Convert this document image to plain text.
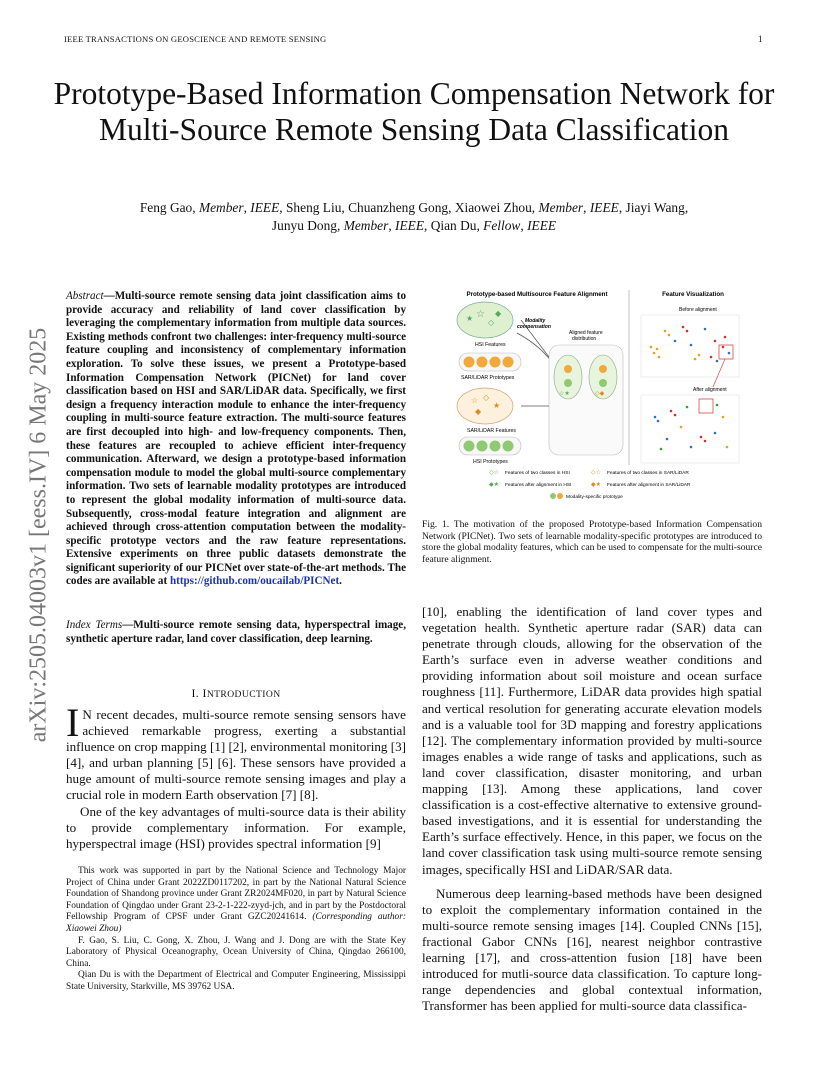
IEEE TRANSACTIONS ON GEOSCIENCE AND REMOTE SENSING	1
Prototype-Based Information Compensation Network for Multi-Source Remote Sensing Data Classification
Feng Gao, Member, IEEE, Sheng Liu, Chuanzheng Gong, Xiaowei Zhou, Member, IEEE, Jiayi Wang,
Junyu Dong, Member, IEEE, Qian Du, Fellow, IEEE
arXiv:2505.04003v1 [eess.IV] 6 May 2025
Abstract—Multi-source remote sensing data joint classification aims to provide accuracy and reliability of land cover classification by leveraging the complementary information from multiple data sources. Existing methods confront two challenges: inter-frequency multi-source feature coupling and inconsistency of complementary information exploration. To solve these issues, we present a Prototype-based Information Compensation Network (PICNet) for land cover classification based on HSI and SAR/LiDAR data. Specifically, we first design a frequency interaction module to enhance the inter-frequency coupling in multi-source feature extraction. The multi-source features are first decoupled into high- and low-frequency components. Then, these features are recoupled to achieve efficient inter-frequency communication. Afterward, we design a prototype-based information compensation module to model the global multi-source complementary information. Two sets of learnable modality prototypes are introduced to represent the global modality information of multi-source data. Subsequently, cross-modal feature integration and alignment are achieved through cross-attention computation between the modality-specific prototype vectors and the raw feature representations. Extensive experiments on three public datasets demonstrate the significant superiority of our PICNet over state-of-the-art methods. The codes are available at https://github.com/oucailab/PICNet.
Index Terms—Multi-source remote sensing data, hyperspectral image, synthetic aperture radar, land cover classification, deep learning.
I. INTRODUCTION

I N recent decades, multi-source remote sensing sensors have achieved remarkable progress, exerting a substantial influence on crop mapping [1] [2], environmental monitoring [3] [4], and urban planning [5] [6]. These sensors have provided a huge amount of multi-source remote sensing images and play a crucial role in modern Earth observation [7] [8].

One of the key advantages of multi-source data is their ability to provide complementary information. For example, hyperspectral image (HSI) provides spectral information [9]

This work was supported in part by the National Science and Technology Major Project of China under Grant 2022ZD0117202, in part by the National Natural Science Foundation of Shandong province under Grant ZR2024MF020, in part by Natural Science Foundation of Qingdao under Grant 23-2-1-222-zyyd-jch, and in part by the Postdoctoral Fellowship Program of CPSF under Grant GZC20241614. (Corresponding author: Xiaowei Zhou)

F. Gao, S. Liu, C. Gong, X. Zhou, J. Wang and J. Dong are with the State Key Laboratory of Physical Oceanography, Ocean University of China, Qingdao 266100, China.

Qian Du is with the Department of Electrical and Computer Engineering, Mississippi State University, Starkville, MS 39762 USA.

Prototype-based Multisource Feature Alignment	Feature Visualization
☆
★ ◇
◆
HSI Features
SAR/LiDAR Prototypes
☆ ◇
★
◆
SAR/LiDAR Features
HSI Prototypes
Modality
compensation
Aligned feature
distribution
☆★	◇◆
Before alignment
After alignment
◇☆ Features of two classes in HSI	◇☆ Features of two classes in SAR/LiDAR
◆★ Features after alignment in HSI	◆★ Features after alignment in SAR/LiDAR
Modality-specific prototype
Fig. 1. The motivation of the proposed Prototype-based Information Compensation Network (PICNet). Two sets of learnable modality-specific prototypes are introduced to store the global modality features, which can be used to compensate for the multi-source feature alignment.

[10], enabling the identification of land cover types and vegetation health. Synthetic aperture radar (SAR) data can penetrate through clouds, allowing for the observation of the Earth’s surface even in adverse weather conditions and providing information about soil moisture and ocean surface roughness [11]. Furthermore, LiDAR data provides high spatial and vertical resolution for generating accurate elevation models and is a valuable tool for 3D mapping and forestry applications [12]. The complementary information provided by multi-source images enables a wide range of tasks and applications, such as land cover classification, disaster monitoring, and urban mapping [13]. Among these applications, land cover classification is a cost-effective alternative to extensive ground-based investigations, and it is essential for understanding the Earth’s surface effectively. Hence, in this paper, we focus on the land cover classification task using multi-source remote sensing images, specifically HSI and LiDAR/SAR data.

Numerous deep learning-based methods have been designed to exploit the complementary information contained in the multi-source remote sensing images [14]. Coupled CNNs [15], fractional Gabor CNNs [16], nearest neighbor contrastive learning [17], and cross-attention fusion [18] have been introduced for mutli-source data classification. To capture long-range dependencies and global contextual information, Transformer has been applied for multi-source data classifica-
